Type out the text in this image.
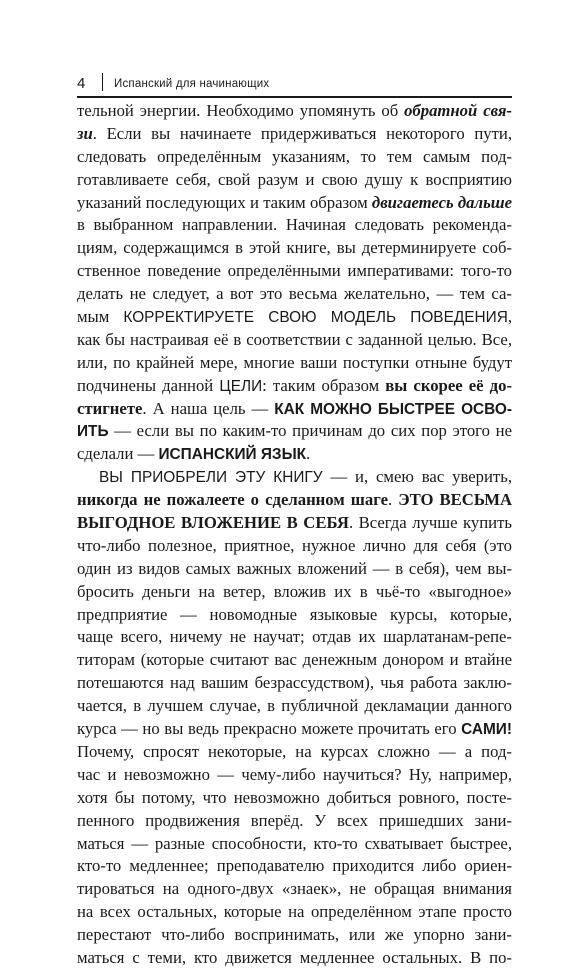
4 Испанский для начинающих
тельной энергии. Необходимо упомянуть об обратной свя-
зи. Если вы начинаете придерживаться некоторого пути,
следовать определённым указаниям, то тем самым под-
готавливаете себя, свой разум и свою душу к восприятию
указаний последующих и таким образом двигаетесь дальше
в выбранном направлении. Начиная следовать рекоменда-
циям, содержащимся в этой книге, вы детерминируете соб-
ственное поведение определёнными императивами: того-то
делать не следует, а вот это весьма желательно, — тем са-
мым КОРРЕКТИРУЕТЕ СВОЮ МОДЕЛЬ ПОВЕДЕНИЯ,
как бы настраивая её в соответствии с заданной целью. Все,
или, по крайней мере, многие ваши поступки отныне будут
подчинены данной ЦЕЛИ: таким образом вы скорее её до-
стигнете. А наша цель — КАК МОЖНО БЫСТРЕЕ ОСВО-
ИТЬ — если вы по каким-то причинам до сих пор этого не
сделали — ИСПАНСКИЙ ЯЗЫК.
ВЫ ПРИОБРЕЛИ ЭТУ КНИГУ — и, смею вас уверить,
никогда не пожалеете о сделанном шаге. ЭТО ВЕСЬМА
ВЫГОДНОЕ ВЛОЖЕНИЕ В СЕБЯ. Всегда лучше купить
что-либо полезное, приятное, нужное лично для себя (это
один из видов самых важных вложений — в себя), чем вы-
бросить деньги на ветер, вложив их в чьё-то «выгодное»
предприятие — новомодные языковые курсы, которые,
чаще всего, ничему не научат; отдав их шарлатанам-репе-
титорам (которые считают вас денежным донором и втайне
потешаются над вашим безрассудством), чья работа заклю-
чается, в лучшем случае, в публичной декламации данного
курса — но вы ведь прекрасно можете прочитать его САМИ!
Почему, спросят некоторые, на курсах сложно — а под-
час и невозможно — чему-либо научиться? Ну, например,
хотя бы потому, что невозможно добиться ровного, посте-
пенного продвижения вперёд. У всех пришедших зани-
маться — разные способности, кто-то схватывает быстрее,
кто-то медленнее; преподавателю приходится либо ориен-
тироваться на одного-двух «знаек», не обращая внимания
на всех остальных, которые на определённом этапе просто
перестают что-либо воспринимать, или же упорно зани-
маться с теми, кто движется медленнее остальных. В по-
